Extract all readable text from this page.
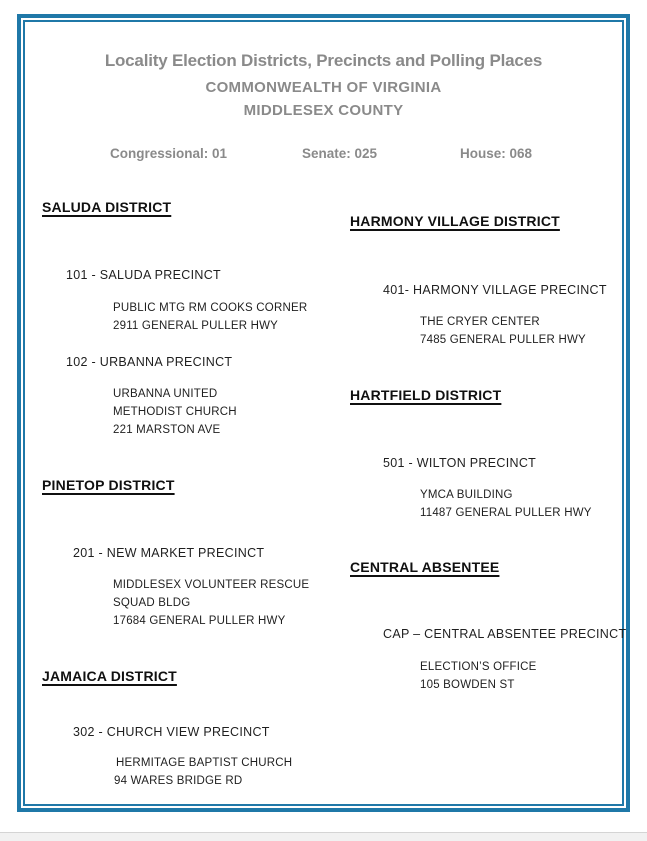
Locality Election Districts, Precincts and Polling Places
COMMONWEALTH OF VIRGINIA
MIDDLESEX COUNTY
Congressional: 01	Senate: 025	House: 068
SALUDA DISTRICT
101 - SALUDA PRECINCT
PUBLIC MTG RM COOKS CORNER
2911 GENERAL PULLER HWY
102 - URBANNA PRECINCT
URBANNA UNITED
METHODIST CHURCH
221 MARSTON AVE
PINETOP DISTRICT
201 - NEW MARKET PRECINCT
MIDDLESEX VOLUNTEER RESCUE
SQUAD BLDG
17684 GENERAL PULLER HWY
JAMAICA DISTRICT
302 - CHURCH VIEW PRECINCT
HERMITAGE BAPTIST CHURCH
94 WARES BRIDGE RD
HARMONY VILLAGE DISTRICT
401- HARMONY VILLAGE PRECINCT
THE CRYER CENTER
7485 GENERAL PULLER HWY
HARTFIELD DISTRICT
501 - WILTON PRECINCT
YMCA BUILDING
11487 GENERAL PULLER HWY
CENTRAL ABSENTEE
CAP – CENTRAL ABSENTEE PRECINCT
ELECTION’S OFFICE
105 BOWDEN ST
